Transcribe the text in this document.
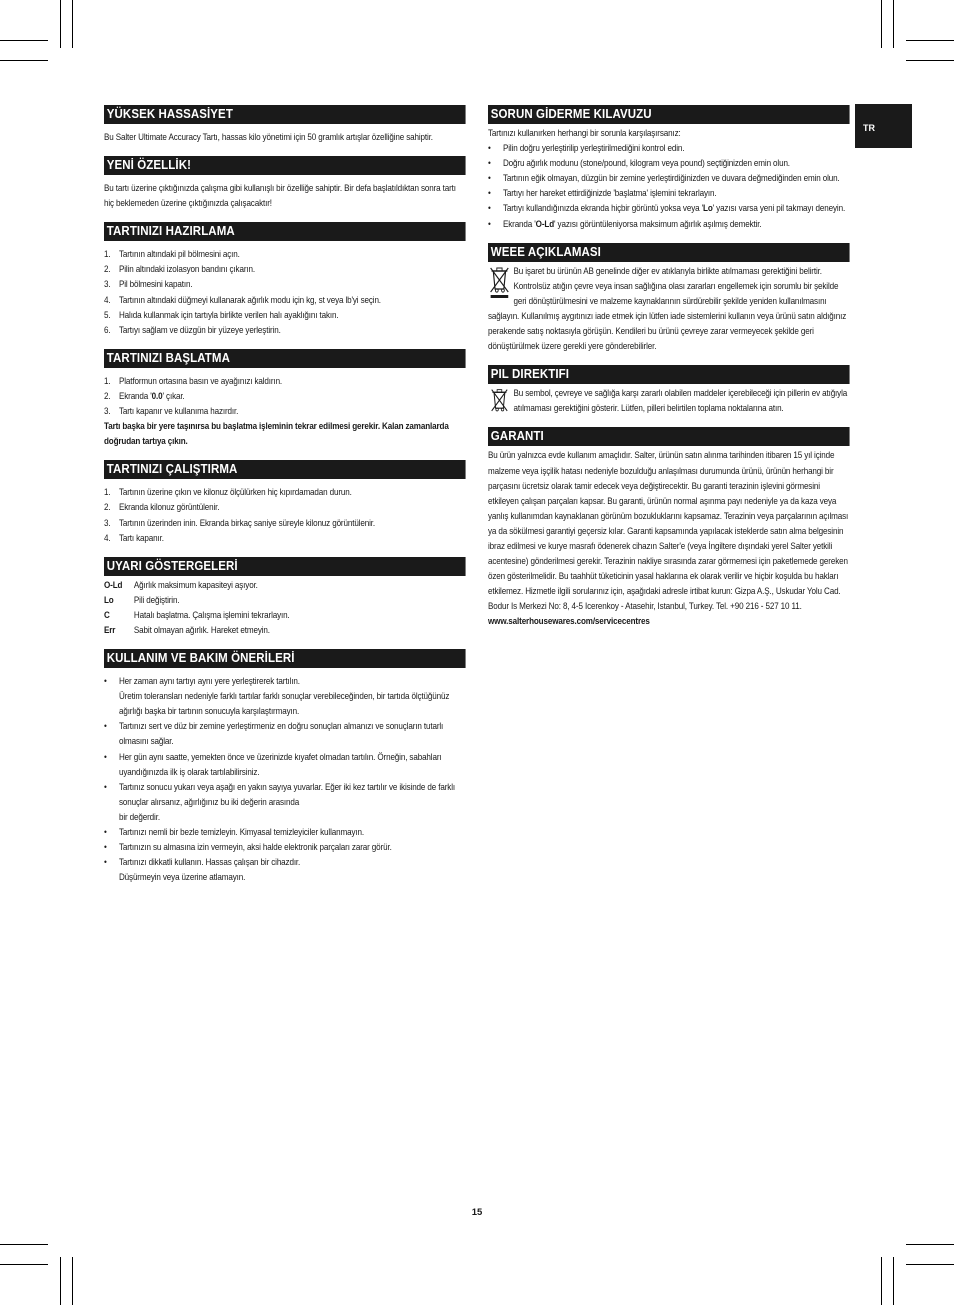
TR
YÜKSEK HASSASİYET

Bu Salter Ultimate Accuracy Tartı, hassas kilo yönetimi için 50 gramlık artışlar özelliğine sahiptir.

YENİ ÖZELLİK!

Bu tartı üzerine çıktığınızda çalışma gibi kullanışlı bir özelliğe sahiptir. Bir defa başlatıldıktan sonra tartı hiç beklemeden üzerine çıktığınızda çalışacaktır!

TARTINIZI HAZIRLAMA
1. Tartının altındaki pil bölmesini açın.
2. Pilin altındaki izolasyon bandını çıkarın.
3. Pil bölmesini kapatın.
4. Tartının altındaki düğmeyi kullanarak ağırlık modu için kg, st veya lb'yi seçin.
5. Halıda kullanmak için tartıyla birlikte verilen halı ayaklığını takın.
6. Tartıyı sağlam ve düzgün bir yüzeye yerleştirin.
TARTINIZI BAŞLATMA
1. Platformun ortasına basın ve ayağınızı kaldırın.
2. Ekranda '0.0' çıkar.
3. Tartı kapanır ve kullanıma hazırdır.

Tartı başka bir yere taşınırsa bu başlatma işleminin tekrar edilmesi gerekir. Kalan zamanlarda doğrudan tartıya çıkın.

TARTINIZI ÇALIŞTIRMA
1. Tartının üzerine çıkın ve kilonuz ölçülürken hiç kıpırdamadan durun.
2. Ekranda kilonuz görüntülenir.
3. Tartının üzerinden inin. Ekranda birkaç saniye süreyle kilonuz görüntülenir.
4. Tartı kapanır.
UYARI GÖSTERGELERİ
O-Ld	Ağırlık maksimum kapasiteyi aşıyor.
Lo	Pili değiştirin.
C	Hatalı başlatma. Çalışma işlemini tekrarlayın.
Err	Sabit olmayan ağırlık. Hareket etmeyin.
KULLANIM VE BAKIM ÖNERİLERİ
• Her zaman aynı tartıyı aynı yere yerleştirerek tartılın.
Üretim toleransları nedeniyle farklı tartılar farklı sonuçlar verebileceğinden, bir tartıda ölçtüğünüz ağırlığı başka bir tartının sonucuyla karşılaştırmayın.
• Tartınızı sert ve düz bir zemine yerleştirmeniz en doğru sonuçları almanızı ve sonuçların tutarlı olmasını sağlar.
• Her gün aynı saatte, yemekten önce ve üzerinizde kıyafet olmadan tartılın. Örneğin, sabahları uyandığınızda ilk iş olarak tartılabilirsiniz.
• Tartınız sonucu yukarı veya aşağı en yakın sayıya yuvarlar. Eğer iki kez tartılır ve ikisinde de farklı sonuçlar alırsanız, ağırlığınız bu iki değerin arasında
bir değerdir.
• Tartınızı nemli bir bezle temizleyin. Kimyasal temizleyiciler kullanmayın.
• Tartınızın su almasına izin vermeyin, aksi halde elektronik parçaları zarar görür.
• Tartınızı dikkatli kullanın. Hassas çalışan bir cihazdır.
Düşürmeyin veya üzerine atlamayın.
SORUN GİDERME KILAVUZU

Tartınızı kullanırken herhangi bir sorunla karşılaşırsanız:

• Pilin doğru yerleştirilip yerleştirilmediğini kontrol edin.
• Doğru ağırlık modunu (stone/pound, kilogram veya pound) seçtiğinizden emin olun.
• Tartının eğik olmayan, düzgün bir zemine yerleştirdiğinizden ve duvara değmediğinden emin olun.
• Tartıyı her hareket ettirdiğinizde 'başlatma' işlemini tekrarlayın.
• Tartıyı kullandığınızda ekranda hiçbir görüntü yoksa veya 'Lo' yazısı varsa yeni pil takmayı deneyin.
• Ekranda 'O-Ld' yazısı görüntüleniyorsa maksimum ağırlık aşılmış demektir.
WEEE AÇIKLAMASI

Bu işaret bu ürünün AB genelinde diğer ev atıklarıyla birlikte atılmaması gerektiğini belirtir. Kontrolsüz atığın çevre veya insan sağlığına olası zararları engellemek için sorumlu bir şekilde geri dönüştürülmesini ve malzeme kaynaklarının sürdürebilir şekilde yeniden kullanılmasını sağlayın. Kullanılmış aygıtınızı iade etmek için lütfen iade sistemlerini kullanın veya ürünü satın aldığınız perakende satış noktasıyla görüşün. Kendileri bu ürünü çevreye zarar vermeyecek şekilde geri dönüştürülmek üzere gerekli yere gönderebilirler.

PIL DIREKTIFI

Bu sembol, çevreye ve sağlığa karşı zararlı olabilen maddeler içerebileceği için pillerin ev atığıyla atılmaması gerektiğini gösterir. Lütfen, pilleri belirtilen toplama noktalarına atın.

GARANTI

Bu ürün yalnızca evde kullanım amaçlıdır. Salter, ürünün satın alınma tarihinden itibaren 15 yıl içinde malzeme veya işçilik hatası nedeniyle bozulduğu anlaşılması durumunda ürünü, ürünün herhangi bir parçasını ücretsiz olarak tamir edecek veya değiştirecektir. Bu garanti terazinin işlevini görmesini etkileyen çalışan parçaları kapsar. Bu garanti, ürünün normal aşınma payı nedeniyle ya da kaza veya yanlış kullanımdan kaynaklanan görünüm bozukluklarını kapsamaz. Terazinin veya parçalarının açılması ya da sökülmesi garantiyi geçersiz kılar. Garanti kapsamında yapılacak isteklerde satın alma belgesinin ibraz edilmesi ve kurye masrafı ödenerek cihazın Salter'e (veya İngiltere dışındaki yerel Salter yetkili acentesine) gönderilmesi gerekir. Terazinin nakliye sırasında zarar görmemesi için paketlemede gereken özen gösterilmelidir. Bu taahhüt tüketicinin yasal haklarına ek olarak verilir ve hiçbir koşulda bu hakları etkilemez. Hizmetle ilgili sorularınız için, aşağıdaki adresle irtibat kurun: Gizpa A.Ş., Uskudar Yolu Cad. Bodur Is Merkezi No: 8, 4-5 Icerenkoy - Atasehir, Istanbul, Turkey. Tel. +90 216 - 527 10 11.

www.salterhousewares.com/servicecentres

15
